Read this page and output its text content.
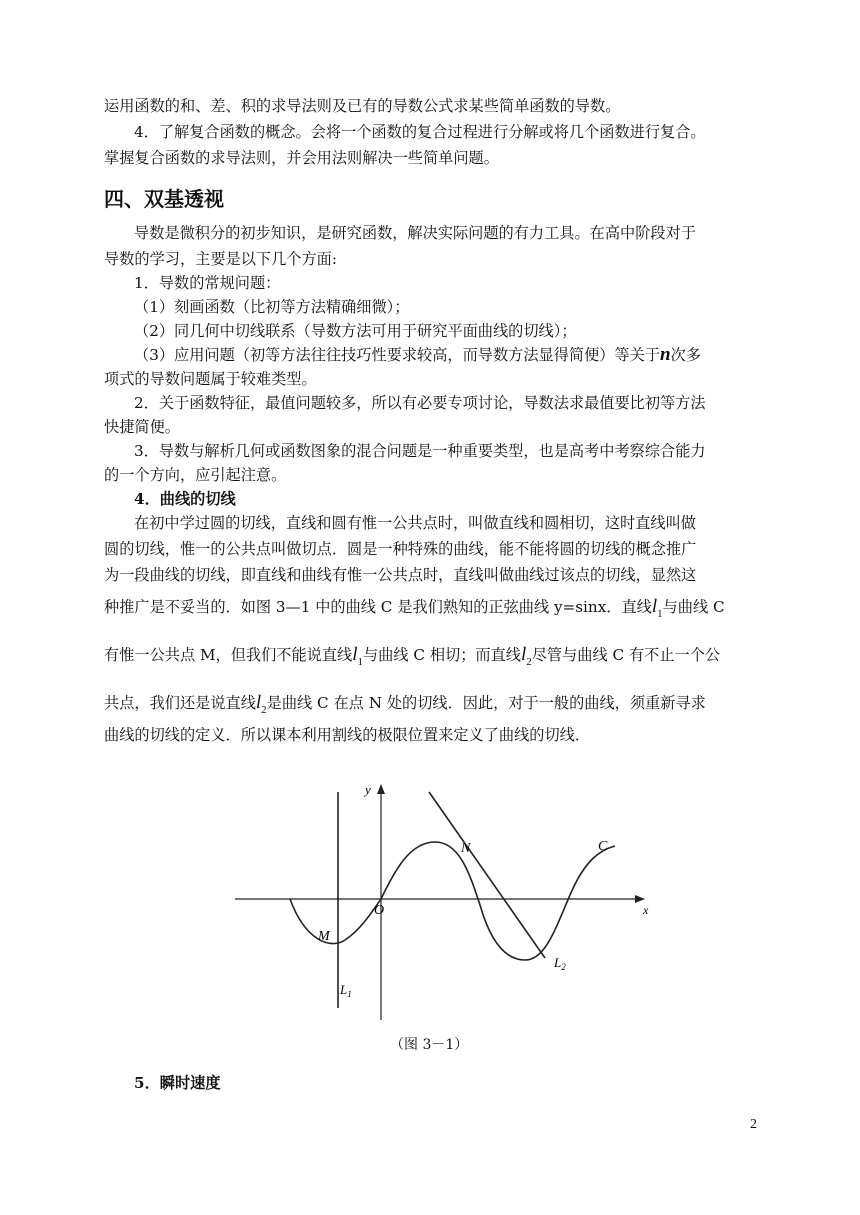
运用函数的和、差、积的求导法则及已有的导数公式求某些简单函数的导数。
4．了解复合函数的概念。会将一个函数的复合过程进行分解或将几个函数进行复合。
掌握复合函数的求导法则，并会用法则解决一些简单问题。
四、双基透视
导数是微积分的初步知识，是研究函数，解决实际问题的有力工具。在高中阶段对于
导数的学习，主要是以下几个方面:
1．导数的常规问题：
（1）刻画函数（比初等方法精确细微）；
（2）同几何中切线联系（导数方法可用于研究平面曲线的切线）；
（3）应用问题（初等方法往往技巧性要求较高，而导数方法显得简便）等关于n次多
项式的导数问题属于较难类型。
2．关于函数特征，最值问题较多，所以有必要专项讨论，导数法求最值要比初等方法
快捷简便。
3．导数与解析几何或函数图象的混合问题是一种重要类型，也是高考中考察综合能力
的一个方向，应引起注意。
4．曲线的切线
在初中学过圆的切线，直线和圆有惟一公共点时，叫做直线和圆相切，这时直线叫做
圆的切线，惟一的公共点叫做切点．圆是一种特殊的曲线，能不能将圆的切线的概念推广
为一段曲线的切线，即直线和曲线有惟一公共点时，直线叫做曲线过该点的切线，显然这
种推广是不妥当的．如图 3—1 中的曲线 C 是我们熟知的正弦曲线 y=sinx．直线$l_1$与曲线 C
有惟一公共点 M，但我们不能说直线$l_1$与曲线 C 相切；而直线$l_2$尽管与曲线 C 有不止一个公
共点，我们还是说直线$l_2$是曲线 C 在点 N 处的切线．因此，对于一般的曲线，须重新寻求
曲线的切线的定义．所以课本利用割线的极限位置来定义了曲线的切线．
y
x
O
N
M
C
$L_1$
$L_2$
（图 3－1）
5．瞬时速度
2
